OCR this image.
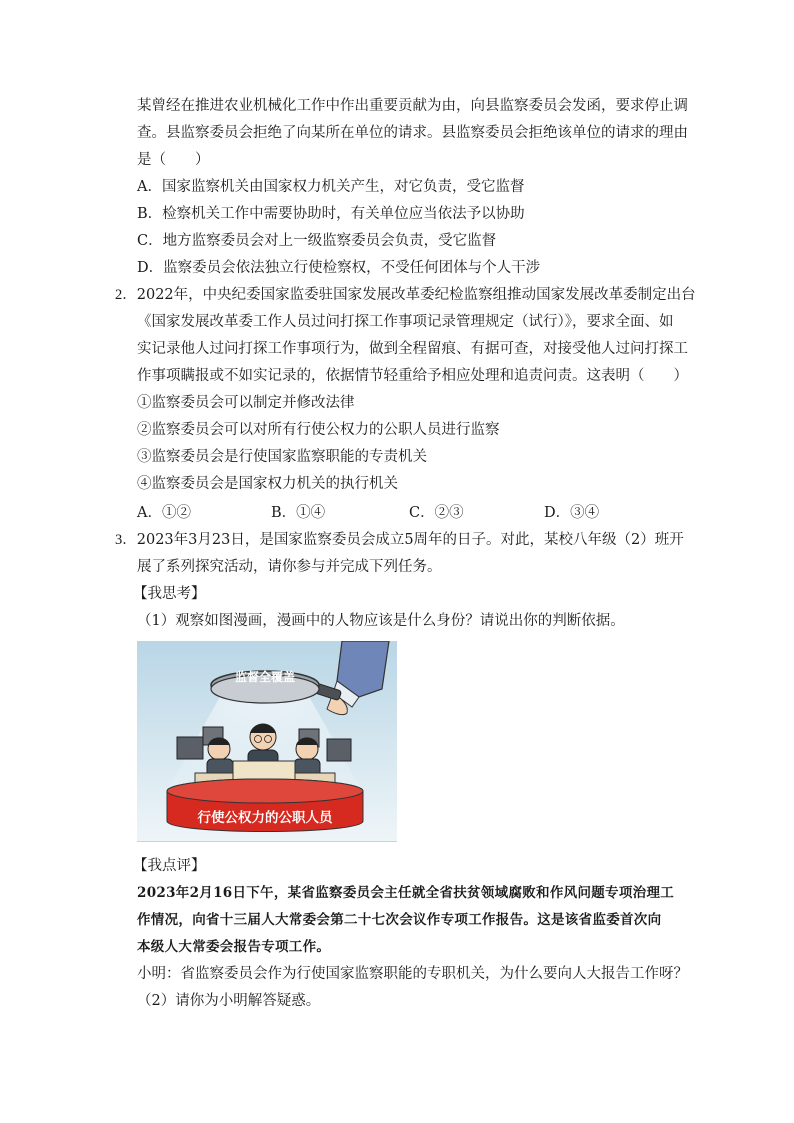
某曾经在推进农业机械化工作中作出重要贡献为由，向县监察委员会发函，要求停止调
查。县监察委员会拒绝了向某所在单位的请求。县监察委员会拒绝该单位的请求的理由
是（　　）
A．国家监察机关由国家权力机关产生，对它负责，受它监督
B．检察机关工作中需要协助时，有关单位应当依法予以协助
C．地方监察委员会对上一级监察委员会负责，受它监督
D．监察委员会依法独立行使检察权，不受任何团体与个人干涉
2．2022年，中央纪委国家监委驻国家发展改革委纪检监察组推动国家发展改革委制定出台
《国家发展改革委工作人员过问打探工作事项记录管理规定（试行）》，要求全面、如
实记录他人过问打探工作事项行为，做到全程留痕、有据可查，对接受他人过问打探工
作事项瞒报或不如实记录的，依据情节轻重给予相应处理和追责问责。这表明（　　）
①监察委员会可以制定并修改法律
②监察委员会可以对所有行使公权力的公职人员进行监察
③监察委员会是行使国家监察职能的专责机关
④监察委员会是国家权力机关的执行机关
A．①②	B．①④	C．②③	D．③④
3．2023年3月23日，是国家监察委员会成立5周年的日子。对此，某校八年级（2）班开
展了系列探究活动，请你参与并完成下列任务。
【我思考】
（1）观察如图漫画，漫画中的人物应该是什么身份？请说出你的判断依据。
监督全覆盖
行使公权力的公职人员
【我点评】
2023年2月16日下午，某省监察委员会主任就全省扶贫领域腐败和作风问题专项治理工
作情况，向省十三届人大常委会第二十七次会议作专项工作报告。这是该省监委首次向
本级人大常委会报告专项工作。
小明：省监察委员会作为行使国家监察职能的专职机关，为什么要向人大报告工作呀？
（2）请你为小明解答疑惑。
